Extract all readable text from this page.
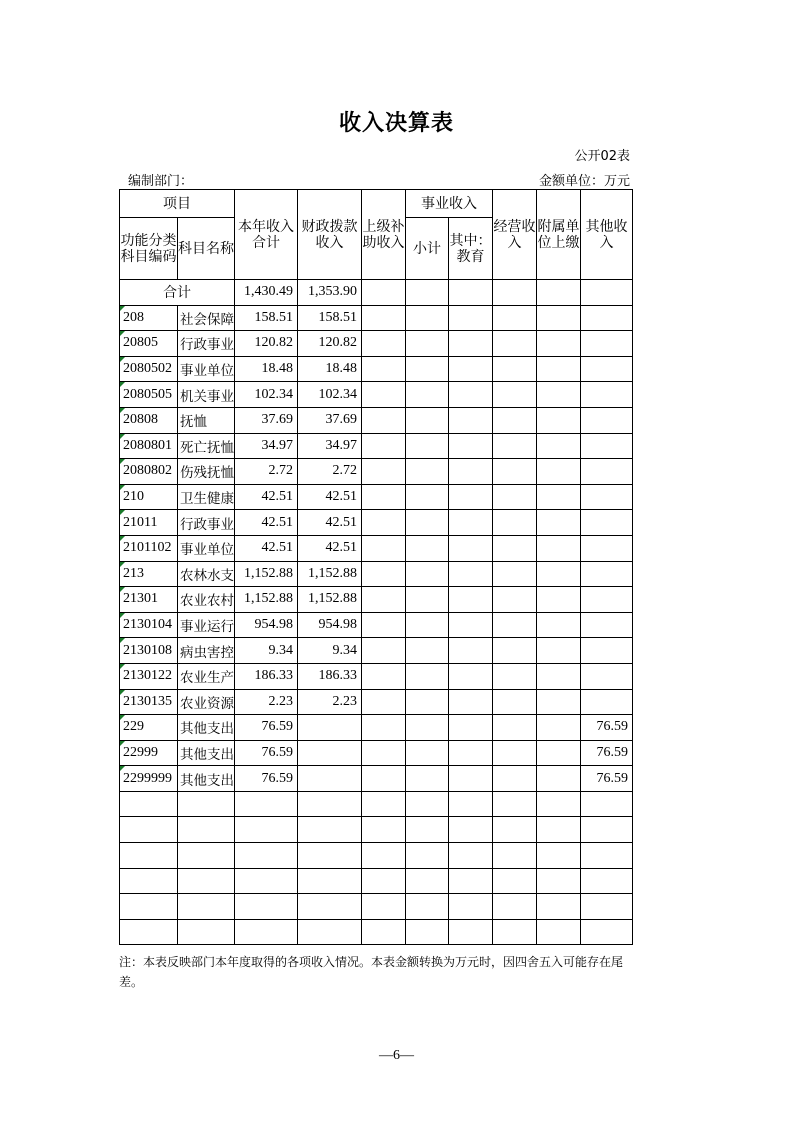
收入决算表
公开02表
编制部门：	金额单位：万元
项目		本年收入合计	财政拨款收入	上级补助收入	事业收入		经营收入	附属单位上缴	其他收入

功能分类科目编码	科目名称				小计	其中：教育			

合计		1,430.49	1,353.90						
208	社会保障	158.51	158.51						
20805	行政事业	120.82	120.82						
2080502	事业单位	18.48	18.48						
2080505	机关事业	102.34	102.34						
20808	抚恤	37.69	37.69						
2080801	死亡抚恤	34.97	34.97						
2080802	伤残抚恤	2.72	2.72						
210	卫生健康	42.51	42.51						
21011	行政事业	42.51	42.51						
2101102	事业单位	42.51	42.51						
213	农林水支	1,152.88	1,152.88						
21301	农业农村	1,152.88	1,152.88						
2130104	事业运行	954.98	954.98						
2130108	病虫害控	9.34	9.34						
2130122	农业生产	186.33	186.33						
2130135	农业资源	2.23	2.23						
229	其他支出	76.59							76.59
22999	其他支出	76.59							76.59
2299999	其他支出	76.59							76.59

注：本表反映部门本年度取得的各项收入情况。本表金额转换为万元时，因四舍五入可能存在尾差。
—6—
